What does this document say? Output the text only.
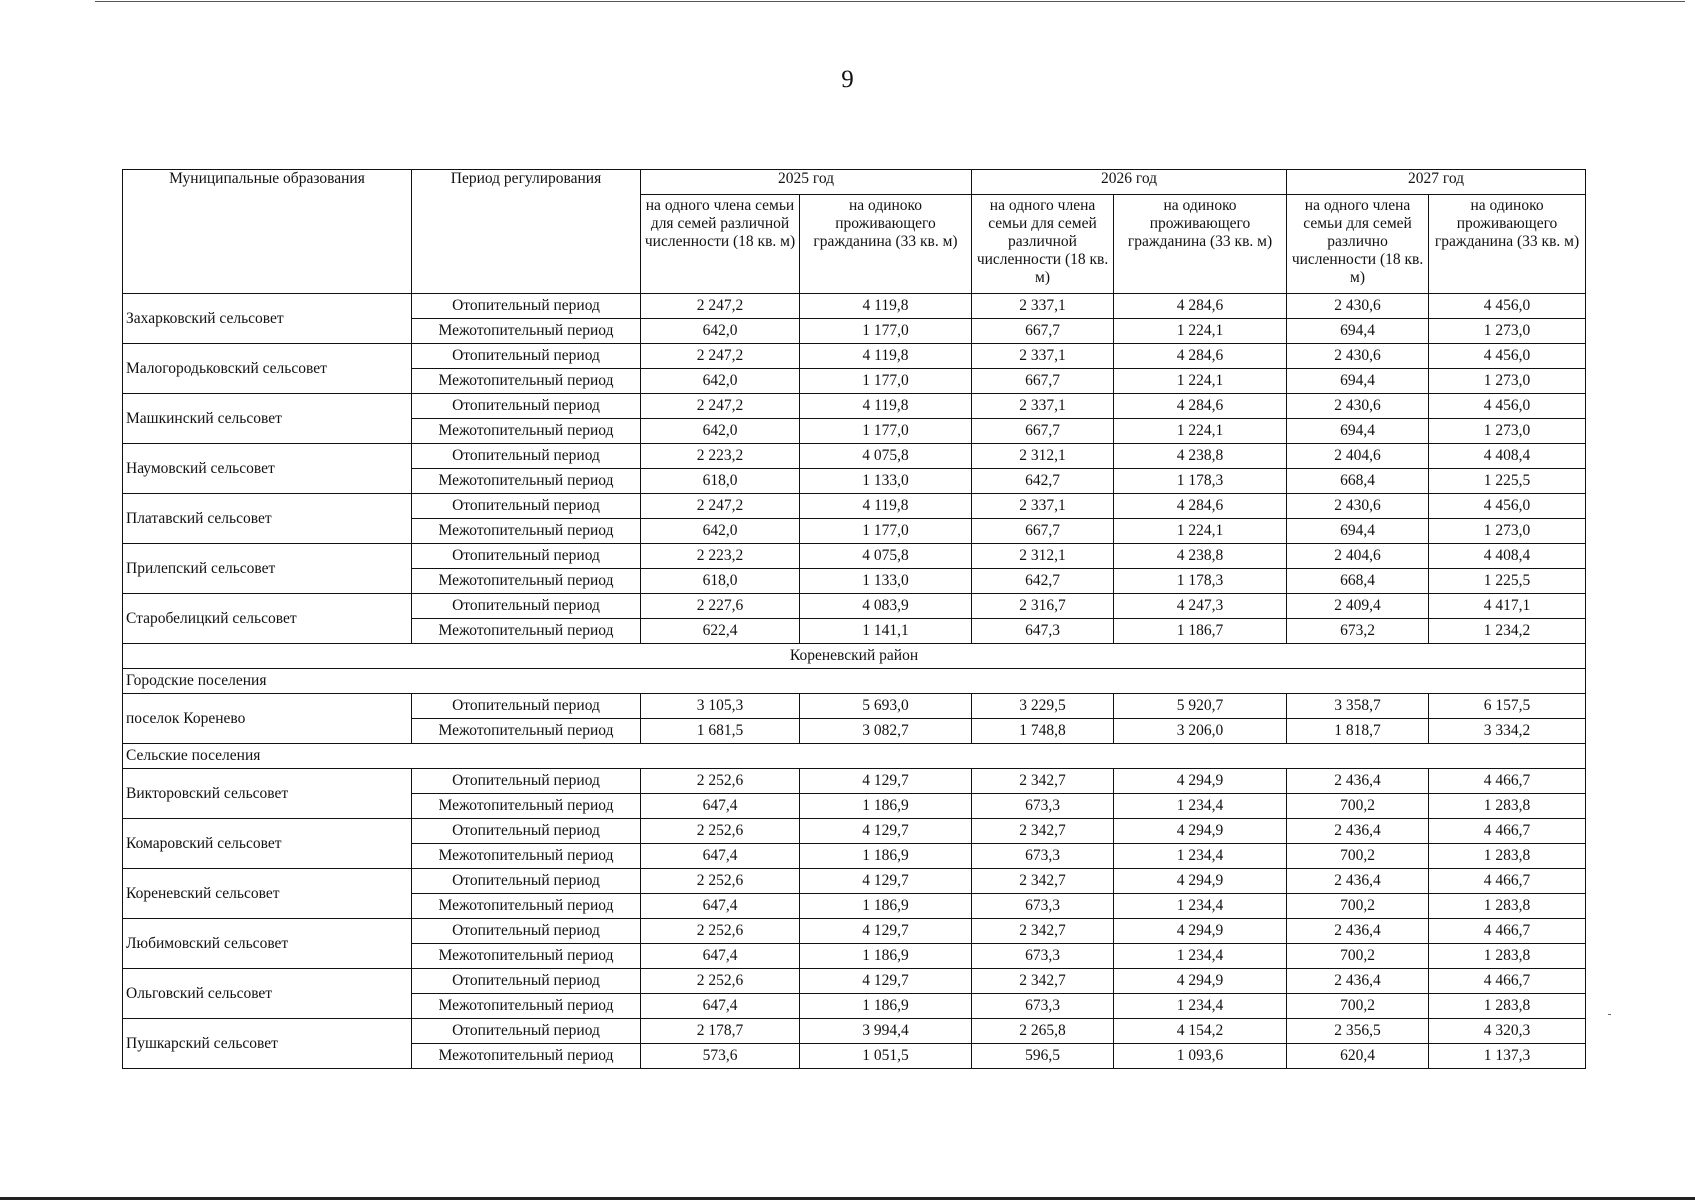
9
Муниципальные образования	Период регулирования	2025 год		2026 год		2027 год	
		на одного члена семьи для семей различной численности (18 кв. м)	на одиноко проживающего гражданина (33 кв. м)	на одного члена семьи для семей различной численности (18 кв. м)	на одиноко проживающего гражданина (33 кв. м)	на одного члена семьи для семей различно численности (18 кв. м)	на одиноко проживающего гражданина (33 кв. м)
Захарковский сельсовет	Отопительный период	2 247,2	4 119,8	2 337,1	4 284,6	2 430,6	4 456,0
	Межотопительный период	642,0	1 177,0	667,7	1 224,1	694,4	1 273,0
Малогородьковский сельсовет	Отопительный период	2 247,2	4 119,8	2 337,1	4 284,6	2 430,6	4 456,0
	Межотопительный период	642,0	1 177,0	667,7	1 224,1	694,4	1 273,0
Машкинский сельсовет	Отопительный период	2 247,2	4 119,8	2 337,1	4 284,6	2 430,6	4 456,0
	Межотопительный период	642,0	1 177,0	667,7	1 224,1	694,4	1 273,0
Наумовский сельсовет	Отопительный период	2 223,2	4 075,8	2 312,1	4 238,8	2 404,6	4 408,4
	Межотопительный период	618,0	1 133,0	642,7	1 178,3	668,4	1 225,5
Платавский сельсовет	Отопительный период	2 247,2	4 119,8	2 337,1	4 284,6	2 430,6	4 456,0
	Межотопительный период	642,0	1 177,0	667,7	1 224,1	694,4	1 273,0
Прилепский сельсовет	Отопительный период	2 223,2	4 075,8	2 312,1	4 238,8	2 404,6	4 408,4
	Межотопительный период	618,0	1 133,0	642,7	1 178,3	668,4	1 225,5
Старобелицкий сельсовет	Отопительный период	2 227,6	4 083,9	2 316,7	4 247,3	2 409,4	4 417,1
	Межотопительный период	622,4	1 141,1	647,3	1 186,7	673,2	1 234,2
Кореневский район							
Городские поселения							
поселок Коренево	Отопительный период	3 105,3	5 693,0	3 229,5	5 920,7	3 358,7	6 157,5
	Межотопительный период	1 681,5	3 082,7	1 748,8	3 206,0	1 818,7	3 334,2
Сельские поселения							
Викторовский сельсовет	Отопительный период	2 252,6	4 129,7	2 342,7	4 294,9	2 436,4	4 466,7
	Межотопительный период	647,4	1 186,9	673,3	1 234,4	700,2	1 283,8
Комаровский сельсовет	Отопительный период	2 252,6	4 129,7	2 342,7	4 294,9	2 436,4	4 466,7
	Межотопительный период	647,4	1 186,9	673,3	1 234,4	700,2	1 283,8
Кореневский сельсовет	Отопительный период	2 252,6	4 129,7	2 342,7	4 294,9	2 436,4	4 466,7
	Межотопительный период	647,4	1 186,9	673,3	1 234,4	700,2	1 283,8
Любимовский сельсовет	Отопительный период	2 252,6	4 129,7	2 342,7	4 294,9	2 436,4	4 466,7
	Межотопительный период	647,4	1 186,9	673,3	1 234,4	700,2	1 283,8
Ольговский сельсовет	Отопительный период	2 252,6	4 129,7	2 342,7	4 294,9	2 436,4	4 466,7
	Межотопительный период	647,4	1 186,9	673,3	1 234,4	700,2	1 283,8
Пушкарский сельсовет	Отопительный период	2 178,7	3 994,4	2 265,8	4 154,2	2 356,5	4 320,3
	Межотопительный период	573,6	1 051,5	596,5	1 093,6	620,4	1 137,3
